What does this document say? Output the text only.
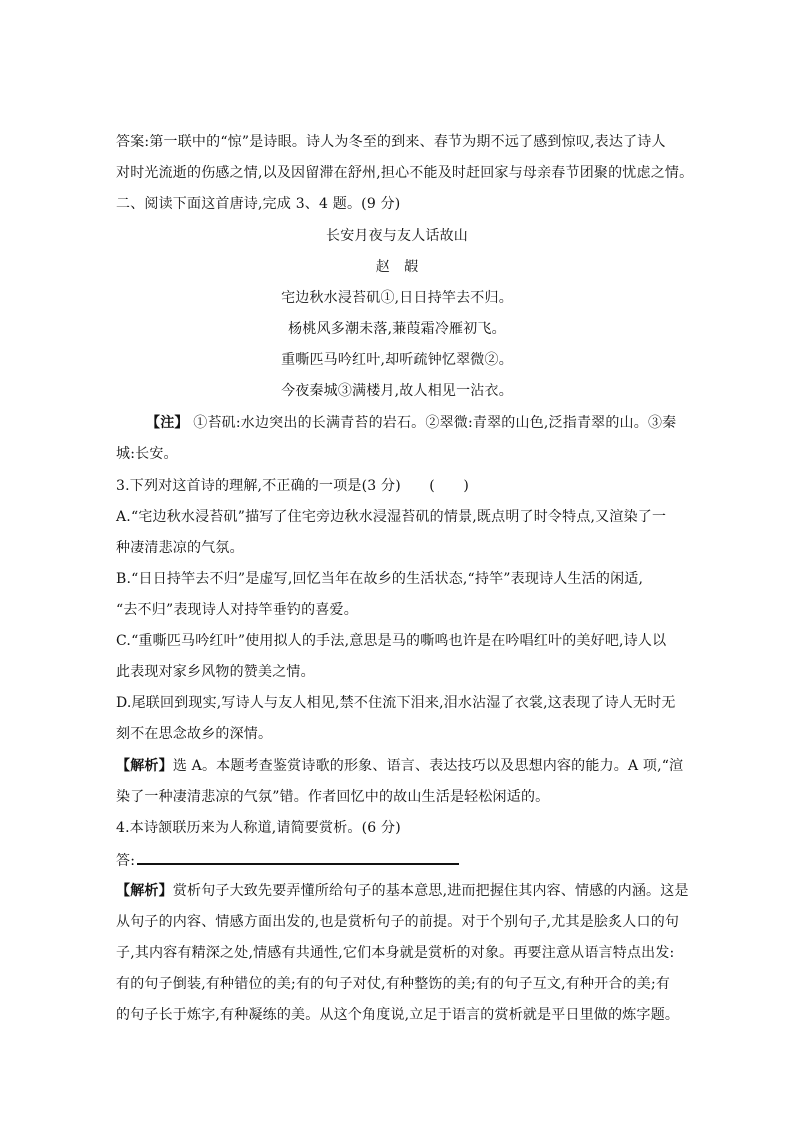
答案:第一联中的“惊”是诗眼。诗人为冬至的到来、春节为期不远了感到惊叹,表达了诗人
对时光流逝的伤感之情,以及因留滞在舒州,担心不能及时赶回家与母亲春节团聚的忧虑之情。
二、阅读下面这首唐诗,完成 3、4 题。(9 分)
长安月夜与友人话故山
赵　嘏
宅边秋水浸苔矶①,日日持竿去不归。
杨桃风多潮未落,蒹葭霜冷雁初飞。
重嘶匹马吟红叶,却听疏钟忆翠微②。
今夜秦城③满楼月,故人相见一沾衣。
【注】 ①苔矶:水边突出的长满青苔的岩石。②翠微:青翠的山色,泛指青翠的山。③秦
城:长安。
3.下列对这首诗的理解,不正确的一项是(3 分)　　(　　)
A.“宅边秋水浸苔矶”描写了住宅旁边秋水浸湿苔矶的情景,既点明了时令特点,又渲染了一
种凄清悲凉的气氛。
B.“日日持竿去不归”是虚写,回忆当年在故乡的生活状态,“持竿”表现诗人生活的闲适,
“去不归”表现诗人对持竿垂钓的喜爱。
C.“重嘶匹马吟红叶”使用拟人的手法,意思是马的嘶鸣也许是在吟唱红叶的美好吧,诗人以
此表现对家乡风物的赞美之情。
D.尾联回到现实,写诗人与友人相见,禁不住流下泪来,泪水沾湿了衣裳,这表现了诗人无时无
刻不在思念故乡的深情。
【解析】选 A。本题考查鉴赏诗歌的形象、语言、表达技巧以及思想内容的能力。A 项,“渲
染了一种凄清悲凉的气氛”错。作者回忆中的故山生活是轻松闲适的。
4.本诗颔联历来为人称道,请简要赏析。(6 分)
答:
【解析】赏析句子大致先要弄懂所给句子的基本意思,进而把握住其内容、情感的内涵。这是
从句子的内容、情感方面出发的,也是赏析句子的前提。对于个别句子,尤其是脍炙人口的句
子,其内容有精深之处,情感有共通性,它们本身就是赏析的对象。再要注意从语言特点出发:
有的句子倒装,有种错位的美;有的句子对仗,有种整饬的美;有的句子互文,有种开合的美;有
的句子长于炼字,有种凝练的美。从这个角度说,立足于语言的赏析就是平日里做的炼字题。
